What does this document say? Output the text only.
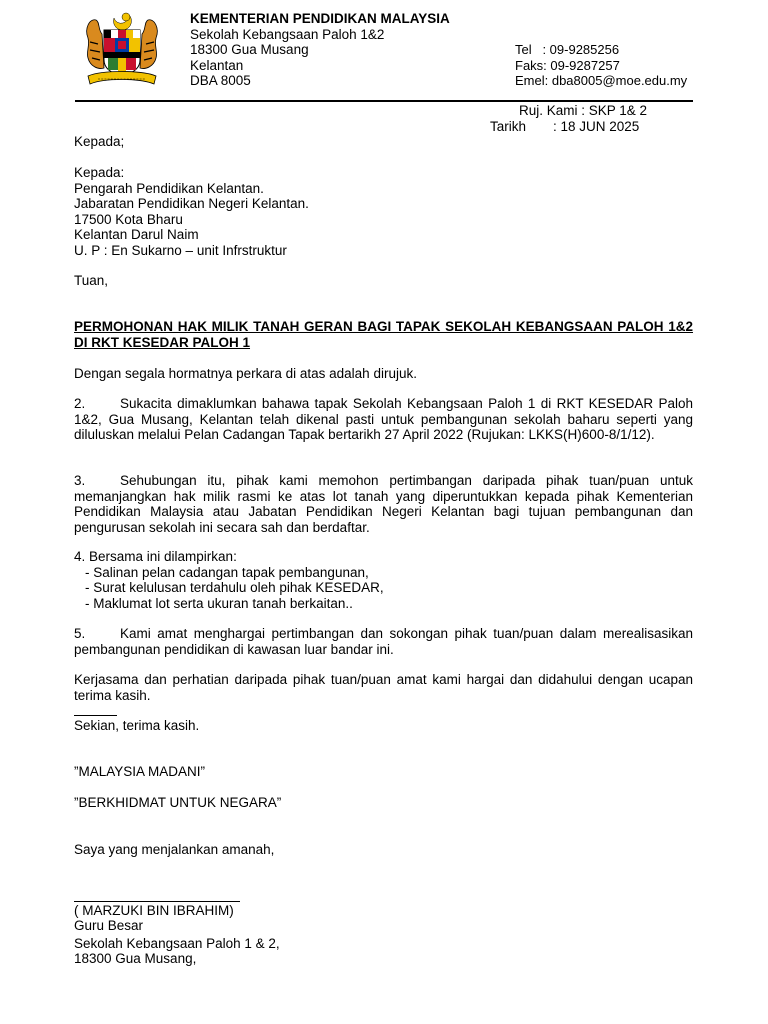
KEMENTERIAN PENDIDIKAN MALAYSIA
Sekolah Kebangsaan Paloh 1&2
18300 Gua Musang
Kelantan
DBA 8005
Tel   : 09-9285256
Faks: 09-9287257
Emel: dba8005@moe.edu.my
Ruj. Kami : SKP 1& 2
Tarikh : 18 JUN 2025
Kepada;
Kepada:
Pengarah Pendidikan Kelantan.
Jabaratan Pendidikan Negeri Kelantan.
17500 Kota Bharu
Kelantan Darul Naim
U. P : En Sukarno – unit Infrstruktur
Tuan,
PERMOHONAN HAK MILIK TANAH GERAN BAGI TAPAK SEKOLAH KEBANGSAAN PALOH 1&2 DI RKT KESEDAR PALOH 1
Dengan segala hormatnya perkara di atas adalah dirujuk.
2.	Sukacita dimaklumkan bahawa tapak Sekolah Kebangsaan Paloh 1 di RKT KESEDAR Paloh 1&2, Gua Musang, Kelantan telah dikenal pasti untuk pembangunan sekolah baharu seperti yang diluluskan melalui Pelan Cadangan Tapak bertarikh 27 April 2022 (Rujukan: LKKS(H)600-8/1/12).
3.	Sehubungan itu, pihak kami memohon pertimbangan daripada pihak tuan/puan untuk memanjangkan hak milik rasmi ke atas lot tanah yang diperuntukkan kepada pihak Kementerian Pendidikan Malaysia atau Jabatan Pendidikan Negeri Kelantan bagi tujuan pembangunan dan pengurusan sekolah ini secara sah dan berdaftar.
4. Bersama ini dilampirkan:
- Salinan pelan cadangan tapak pembangunan,
- Surat kelulusan terdahulu oleh pihak KESEDAR,
- Maklumat lot serta ukuran tanah berkaitan..
5.	Kami amat menghargai pertimbangan dan sokongan pihak tuan/puan dalam merealisasikan pembangunan pendidikan di kawasan luar bandar ini.
Kerjasama dan perhatian daripada pihak tuan/puan amat kami hargai dan didahului dengan ucapan terima kasih.
Sekian, terima kasih.
”MALAYSIA MADANI”
”BERKHIDMAT UNTUK NEGARA”
Saya yang menjalankan amanah,
( MARZUKI BIN IBRAHIM)
Guru Besar
Sekolah Kebangsaan Paloh 1 & 2,
18300 Gua Musang,
